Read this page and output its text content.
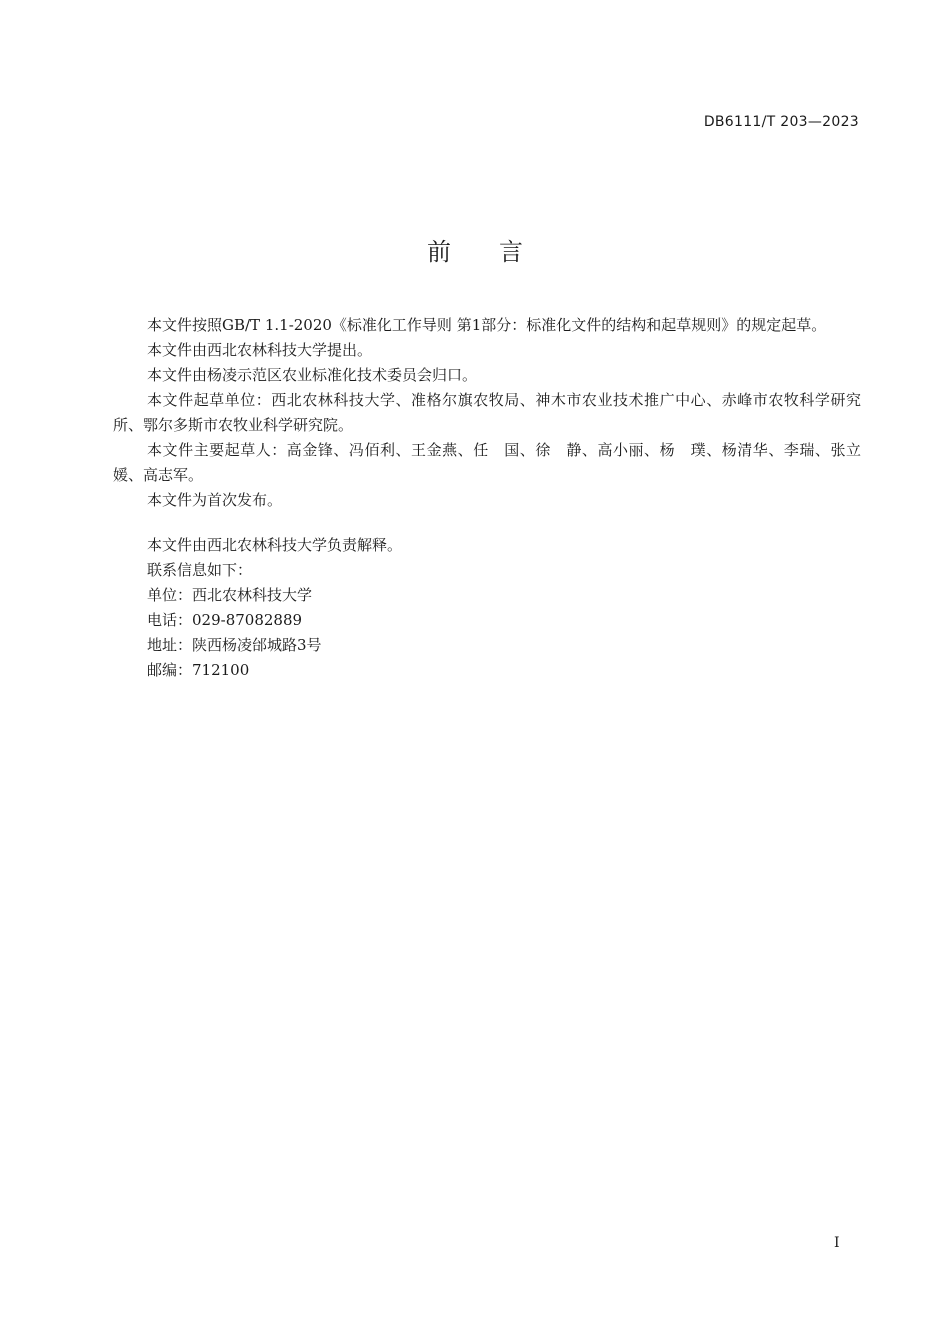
DB6111/T 203—2023
前言

本文件按照GB/T 1.1-2020《标准化工作导则 第1部分：标准化文件的结构和起草规则》的规定起草。

本文件由西北农林科技大学提出。

本文件由杨凌示范区农业标准化技术委员会归口。

本文件起草单位：西北农林科技大学、准格尔旗农牧局、神木市农业技术推广中心、赤峰市农牧科学研究所、鄂尔多斯市农牧业科学研究院。

本文件主要起草人：高金锋、冯佰利、王金燕、任　国、徐　静、高小丽、杨　璞、杨清华、李瑞、张立媛、高志军。

本文件为首次发布。

本文件由西北农林科技大学负责解释。

联系信息如下：

单位：西北农林科技大学

电话：029-87082889

地址：陕西杨凌邰城路3号

邮编：712100

I
